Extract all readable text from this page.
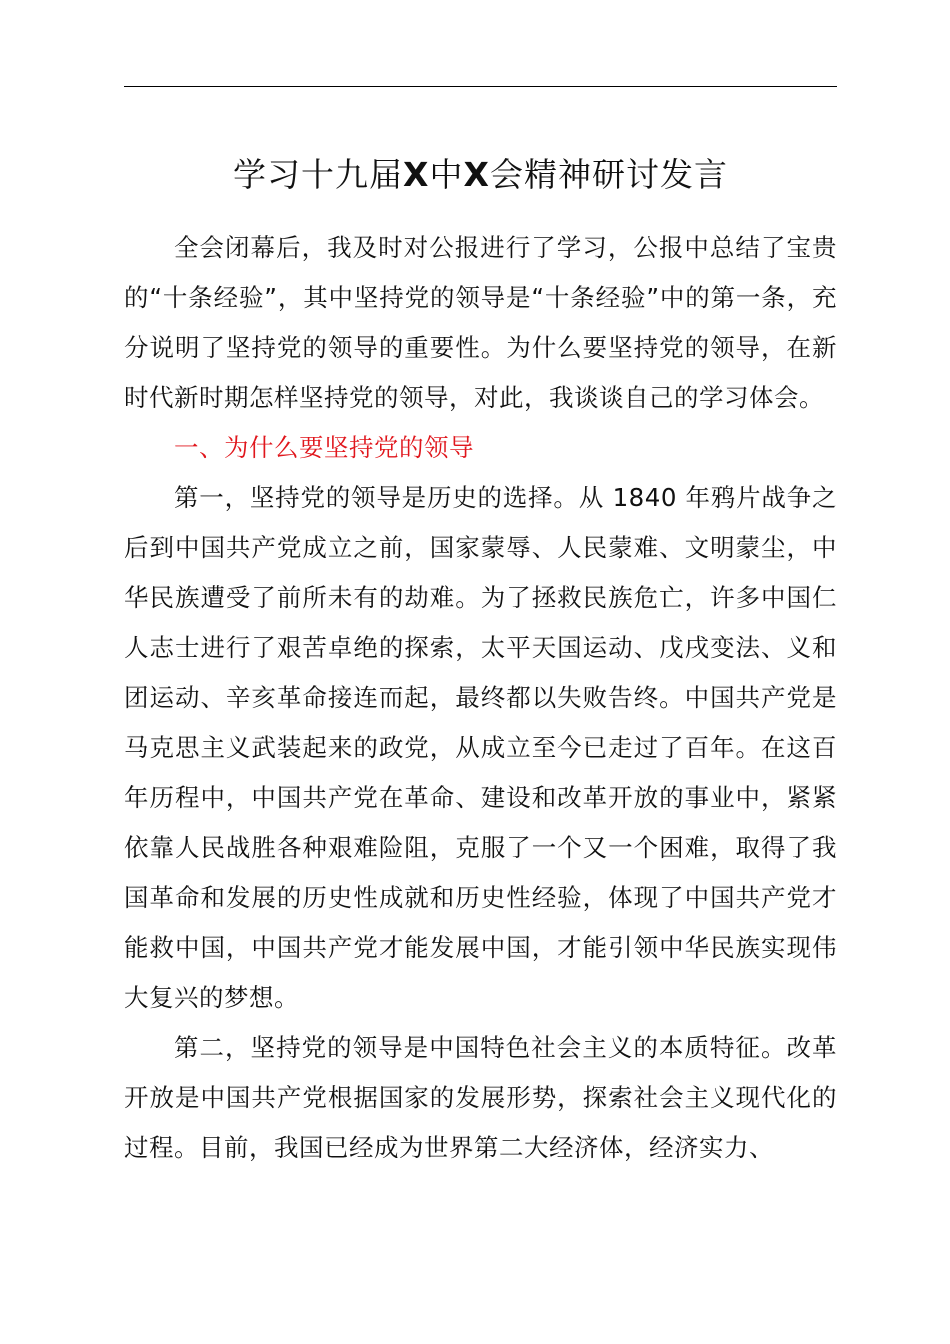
学习十九届X中X会精神研讨发言

全会闭幕后，我及时对公报进行了学习，公报中总结了宝贵的“十条经验”，其中坚持党的领导是“十条经验”中的第一条，充分说明了坚持党的领导的重要性。为什么要坚持党的领导，在新时代新时期怎样坚持党的领导，对此，我谈谈自己的学习体会。

一、为什么要坚持党的领导

第一，坚持党的领导是历史的选择。从 1840 年鸦片战争之后到中国共产党成立之前，国家蒙辱、人民蒙难、文明蒙尘，中华民族遭受了前所未有的劫难。为了拯救民族危亡，许多中国仁人志士进行了艰苦卓绝的探索，太平天国运动、戊戌变法、义和团运动、辛亥革命接连而起，最终都以失败告终。中国共产党是马克思主义武装起来的政党，从成立至今已走过了百年。在这百年历程中，中国共产党在革命、建设和改革开放的事业中，紧紧依靠人民战胜各种艰难险阻，克服了一个又一个困难，取得了我国革命和发展的历史性成就和历史性经验，体现了中国共产党才能救中国，中国共产党才能发展中国，才能引领中华民族实现伟大复兴的梦想。

第二，坚持党的领导是中国特色社会主义的本质特征。改革开放是中国共产党根据国家的发展形势，探索社会主义现代化的过程。目前，我国已经成为世界第二大经济体，经济实力、
